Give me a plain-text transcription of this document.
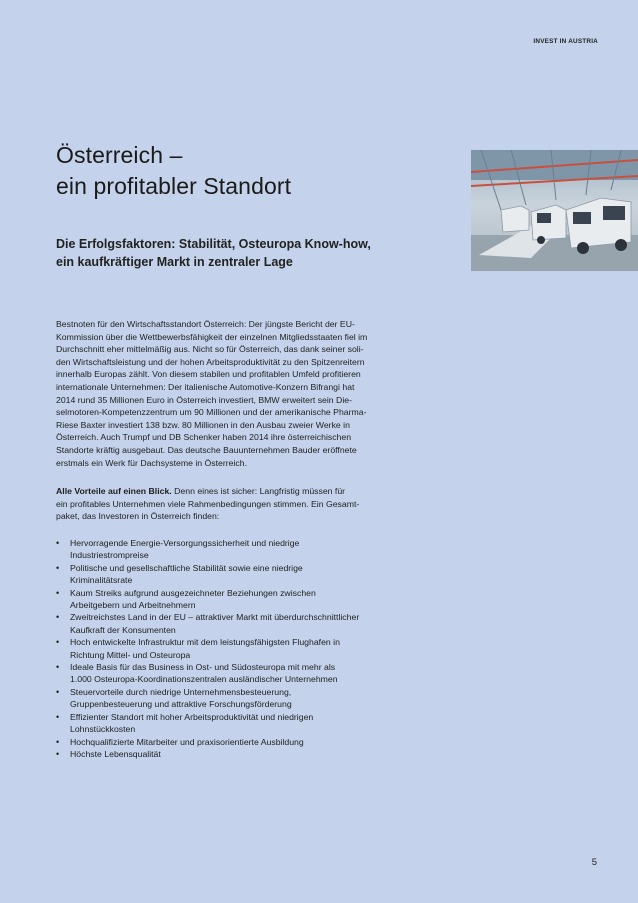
INVEST IN AUSTRIA
Österreich –
ein profitabler Standort
Die Erfolgsfaktoren: Stabilität, Osteuropa Know-how,
ein kaufkräftiger Markt in zentraler Lage
Bestnoten für den Wirtschaftsstandort Österreich: Der jüngste Bericht der EU-
Kommission über die Wettbewerbsfähigkeit der einzelnen Mitgliedsstaaten fiel im
Durchschnitt eher mittelmäßig aus. Nicht so für Österreich, das dank seiner soli-
den Wirtschaftsleistung und der hohen Arbeitsproduktivität zu den Spitzenreitern
innerhalb Europas zählt. Von diesem stabilen und profitablen Umfeld profitieren
internationale Unternehmen: Der italienische Automotive-Konzern Bifrangi hat
2014 rund 35 Millionen Euro in Österreich investiert, BMW erweitert sein Die-
selmotoren-Kompetenzzentrum um 90 Millionen und der amerikanische Pharma-
Riese Baxter investiert 138 bzw. 80 Millionen in den Ausbau zweier Werke in
Österreich. Auch Trumpf und DB Schenker haben 2014 ihre österreichischen
Standorte kräftig ausgebaut. Das deutsche Bauunternehmen Bauder eröffnete
erstmals ein Werk für Dachsysteme in Österreich.
Alle Vorteile auf einen Blick. Denn eines ist sicher: Langfristig müssen für
ein profitables Unternehmen viele Rahmenbedingungen stimmen. Ein Gesamt-
paket, das Investoren in Österreich finden:
• Hervorragende Energie-Versorgungssicherheit und niedrige
Industriestrompreise
• Politische und gesellschaftliche Stabilität sowie eine niedrige
Kriminalitätsrate
• Kaum Streiks aufgrund ausgezeichneter Beziehungen zwischen
Arbeitgebern und Arbeitnehmern
• Zweitreichstes Land in der EU – attraktiver Markt mit überdurchschnittlicher
Kaufkraft der Konsumenten
• Hoch entwickelte Infrastruktur mit dem leistungsfähigsten Flughafen in
Richtung Mittel- und Osteuropa
• Ideale Basis für das Business in Ost- und Südosteuropa mit mehr als
1.000 Osteuropa-Koordinationszentralen ausländischer Unternehmen
• Steuervorteile durch niedrige Unternehmensbesteuerung,
Gruppenbesteuerung und attraktive Forschungsförderung
• Effizienter Standort mit hoher Arbeitsproduktivität und niedrigen
Lohnstückkosten
• Hochqualifizierte Mitarbeiter und praxisorientierte Ausbildung
• Höchste Lebensqualität
5
